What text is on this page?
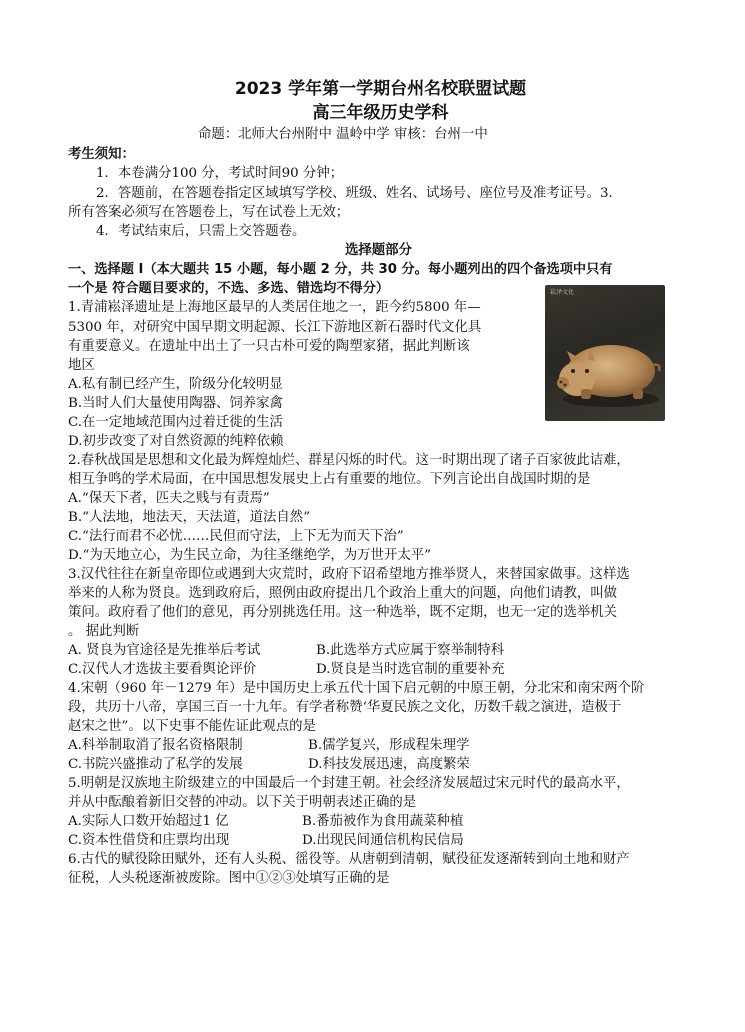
2023 学年第一学期台州名校联盟试题
高三年级历史学科
命题：北师大台州附中 温岭中学 审核：台州一中
考生须知：
1．本卷满分100 分，考试时间90 分钟；
2．答题前，在答题卷指定区域填写学校、班级、姓名、试场号、座位号及准考证号。3．
所有答案必须写在答题卷上，写在试卷上无效；
4．考试结束后，只需上交答题卷。
选择题部分
一、选择题 I（本大题共 15 小题，每小题 2 分，共 30 分。每小题列出的四个备选项中只有
一个是 符合题目要求的，不选、多选、错选均不得分）
1.青浦崧泽遗址是上海地区最早的人类居住地之一，距今约5800 年—
5300 年，对研究中国早期文明起源、长江下游地区新石器时代文化具
有重要意义。在遗址中出土了一只古朴可爱的陶塑家猪，据此判断该
地区
A.私有制已经产生，阶级分化较明显
B.当时人们大量使用陶器、饲养家禽
C.在一定地域范围内过着迁徙的生活
D.初步改变了对自然资源的纯粹依赖
崧泽文化
2.春秋战国是思想和文化最为辉煌灿烂、群星闪烁的时代。这一时期出现了诸子百家彼此诘难，
相互争鸣的学术局面，在中国思想发展史上占有重要的地位。下列言论出自战国时期的是
A.“保天下者，匹夫之贱与有责焉”
B.“人法地，地法天，天法道，道法自然”
C.“法行而君不必忧……民但而守法，上下无为而天下治”
D.“为天地立心，为生民立命，为往圣继绝学，为万世开太平”
3.汉代往往在新皇帝即位或遇到大灾荒时，政府下诏希望地方推举贤人，来替国家做事。这样选
举来的人称为贤良。选到政府后，照例由政府提出几个政治上重大的问题，向他们请教，叫做
策问。政府看了他们的意见，再分别挑选任用。这一种选举，既不定期，也无一定的选举机关
。 据此判断
A. 贤良为官途径是先推举后考试	B.此选举方式应属于察举制特科
C.汉代人才选拔主要看舆论评价	D.贤良是当时选官制的重要补充
4.宋朝（960 年－1279 年）是中国历史上承五代十国下启元朝的中原王朝，分北宋和南宋两个阶
段，共历十八帝，享国三百一十九年。有学者称赞‘华夏民族之文化，历数千载之演进，造极于
赵宋之世”。以下史事不能佐证此观点的是
A.科举制取消了报名资格限制	B.儒学复兴，形成程朱理学
C.书院兴盛推动了私学的发展	D.科技发展迅速，高度繁荣
5.明朝是汉族地主阶级建立的中国最后一个封建王朝。社会经济发展超过宋元时代的最高水平，
并从中酝酿着新旧交替的冲动。以下关于明朝表述正确的是
A.实际人口数开始超过1 亿	B.番茄被作为食用蔬菜种植
C.资本性借贷和庄票均出现	D.出现民间通信机构民信局
6.古代的赋役除田赋外，还有人头税、徭役等。从唐朝到清朝，赋役征发逐渐转到向土地和财产
征税，人头税逐渐被废除。图中①②③处填写正确的是
